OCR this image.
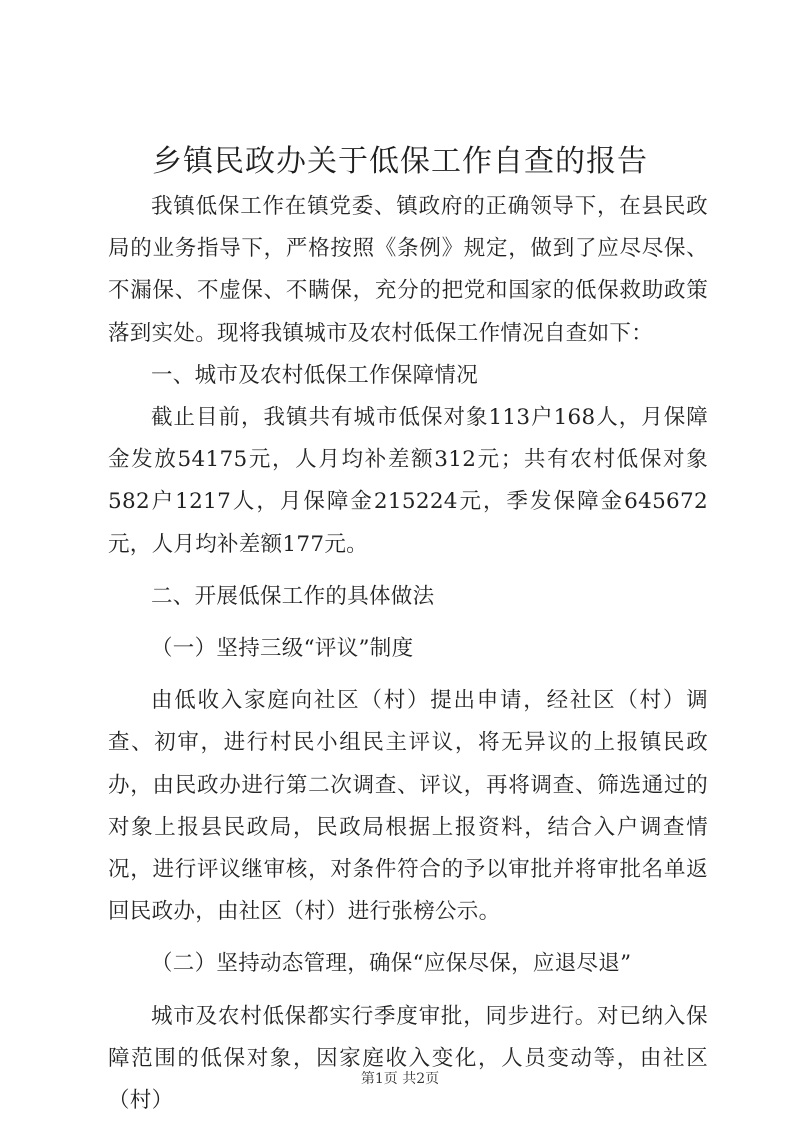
乡镇民政办关于低保工作自查的报告

我镇低保工作在镇党委、镇政府的正确领导下，在县民政局的业务指导下，严格按照《条例》规定，做到了应尽尽保、不漏保、不虚保、不瞒保，充分的把党和国家的低保救助政策落到实处。现将我镇城市及农村低保工作情况自查如下：

一、城市及农村低保工作保障情况

截止目前，我镇共有城市低保对象113户168人，月保障金发放54175元，人月均补差额312元；共有农村低保对象582户1217人，月保障金215224元，季发保障金645672元，人月均补差额177元。

二、开展低保工作的具体做法

（一）坚持三级“评议”制度

由低收入家庭向社区（村）提出申请，经社区（村）调查、初审，进行村民小组民主评议，将无异议的上报镇民政办，由民政办进行第二次调查、评议，再将调查、筛选通过的对象上报县民政局，民政局根据上报资料，结合入户调查情况，进行评议继审核，对条件符合的予以审批并将审批名单返回民政办，由社区（村）进行张榜公示。

（二）坚持动态管理，确保“应保尽保，应退尽退”

城市及农村低保都实行季度审批，同步进行。对已纳入保障范围的低保对象，因家庭收入变化，人员变动等，由社区（村）

第1页 共2页
